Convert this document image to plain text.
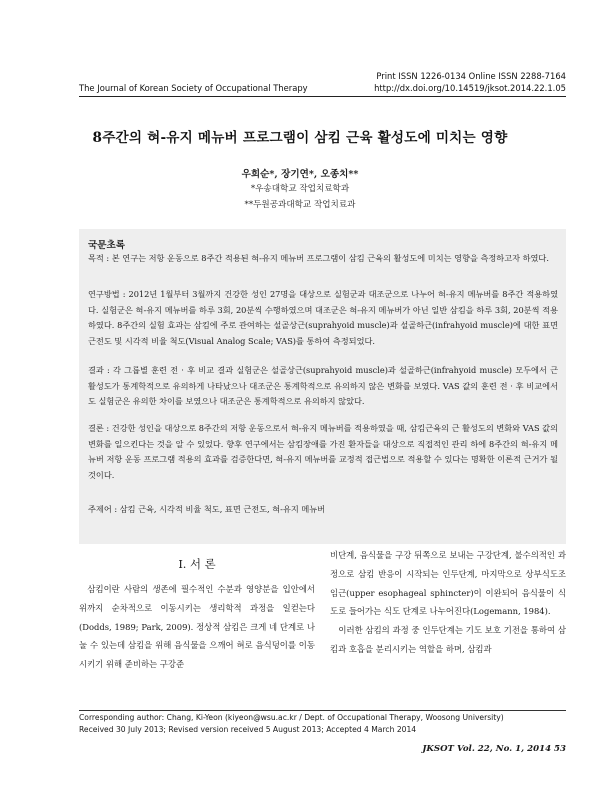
Print ISSN 1226-0134 Online ISSN 2288-7164
The Journal of Korean Society of Occupational Therapy	http://dx.doi.org/10.14519/jksot.2014.22.1.05
8주간의 혀-유지 메뉴버 프로그램이 삼킴 근육 활성도에 미치는 영향
우희순*, 장기연*, 오종치**
*우송대학교 작업치료학과
**두원공과대학교 작업치료과
국문초록
목적 : 본 연구는 저항 운동으로 8주간 적용된 혀-유지 메뉴버 프로그램이 삼킴 근육의 활성도에 미치는 영향을 측정하고자 하였다.
연구방법 : 2012년 1월부터 3월까지 건강한 성인 27명을 대상으로 실험군과 대조군으로 나누어 혀-유지 메뉴버를 8주간 적용하였다. 실험군은 혀-유지 메뉴버를 하루 3회, 20분씩 수행하였으며 대조군은 혀-유지 메뉴버가 아닌 일반 삼킴을 하루 3회, 20분씩 적용하였다. 8주간의 실험 효과는 삼킴에 주로 관여하는 설골상근(suprahyoid muscle)과 설골하근(infrahyoid muscle)에 대한 표면근전도 및 시각적 비율 척도(Visual Analog Scale; VAS)를 통하여 측정되었다.
결과 : 각 그룹별 훈련 전 · 후 비교 결과 실험군은 설골상근(suprahyoid muscle)과 설골하근(infrahyoid muscle) 모두에서 근 활성도가 통계학적으로 유의하게 나타났으나 대조군은 통계학적으로 유의하지 않은 변화를 보였다. VAS 값의 훈련 전 · 후 비교에서도 실험군은 유의한 차이를 보였으나 대조군은 통계학적으로 유의하지 않았다.
결론 : 건강한 성인을 대상으로 8주간의 저항 운동으로서 혀-유지 메뉴버를 적용하였을 때, 삼킴근육의 근 활성도의 변화와 VAS 값의 변화를 일으킨다는 것을 알 수 있었다. 향후 연구에서는 삼킴장애를 가진 환자들을 대상으로 직접적인 관리 하에 8주간의 혀-유지 메뉴버 저항 운동 프로그램 적용의 효과를 검증한다면, 혀-유지 메뉴버를 교정적 접근법으로 적용할 수 있다는 명확한 이론적 근거가 될 것이다.
주제어 : 삼킴 근육, 시각적 비율 척도, 표면 근전도, 혀-유지 메뉴버
I. 서 론
삼킴이란 사람의 생존에 필수적인 수분과 영양분을 입안에서 위까지 순차적으로 이동시키는 생리학적 과정을 일컫는다(Dodds, 1989; Park, 2009). 정상적 삼킴은 크게 네 단계로 나눌 수 있는데 삼킴을 위해 음식물을 으깨어 혀로 음식덩이를 이동시키기 위해 준비하는 구강준
비단계, 음식물을 구강 뒤쪽으로 보내는 구강단계, 불수의적인 과정으로 삼킴 반응이 시작되는 인두단계, 마지막으로 상부식도조임근(upper esophageal sphincter)이 이완되어 음식물이 식도로 들어가는 식도 단계로 나누어진다(Logemann, 1984).
이러한 삼킴의 과정 중 인두단계는 기도 보호 기전을 통하여 삼킴과 호흡을 분리시키는 역할을 하며, 삼킴과
Corresponding author: Chang, Ki-Yeon (kiyeon@wsu.ac.kr / Dept. of Occupational Therapy, Woosong University)
Received 30 July 2013; Revised version received 5 August 2013; Accepted 4 March 2014
JKSOT Vol. 22, No. 1, 2014 53
